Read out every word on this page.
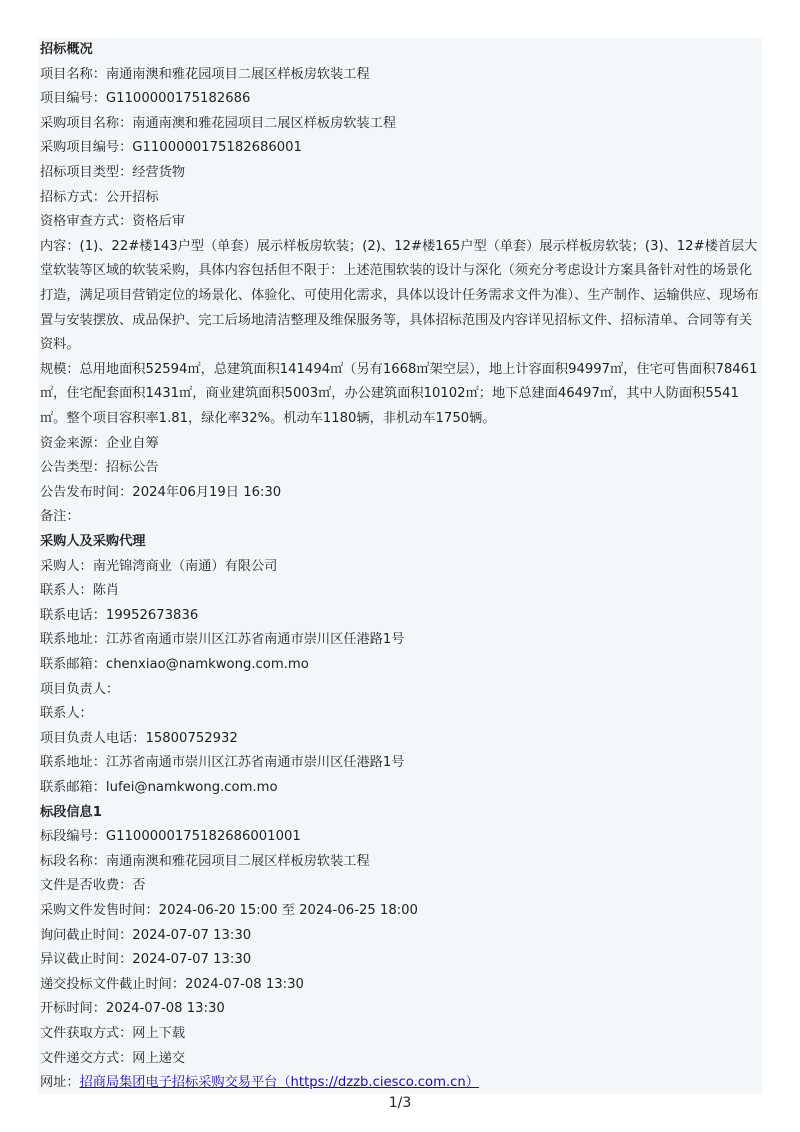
招标概况
项目名称：南通南澳和雅花园项目二展区样板房软装工程
项目编号：G1100000175182686
采购项目名称：南通南澳和雅花园项目二展区样板房软装工程
采购项目编号：G1100000175182686001
招标项目类型：经营货物
招标方式：公开招标
资格审查方式：资格后审
内容：(1)、22#楼143户型（单套）展示样板房软装；(2)、12#楼165户型（单套）展示样板房软装；(3)、12#楼首层大堂软装等区域的软装采购，具体内容包括但不限于：上述范围软装的设计与深化（须充分考虑设计方案具备针对性的场景化打造，满足项目营销定位的场景化、体验化、可使用化需求，具体以设计任务需求文件为准）、生产制作、运输供应、现场布置与安装摆放、成品保护、完工后场地清洁整理及维保服务等，具体招标范围及内容详见招标文件、招标清单、合同等有关资料。
规模：总用地面积52594㎡，总建筑面积141494㎡（另有1668㎡架空层），地上计容面积94997㎡，住宅可售面积78461㎡，住宅配套面积1431㎡，商业建筑面积5003㎡，办公建筑面积10102㎡；地下总建面46497㎡，其中人防面积5541㎡。整个项目容积率1.81，绿化率32%。机动车1180辆，非机动车1750辆。
资金来源：企业自筹
公告类型：招标公告
公告发布时间：2024年06月19日 16:30
备注：
采购人及采购代理
采购人：南光锦湾商业（南通）有限公司
联系人：陈肖
联系电话：19952673836
联系地址：江苏省南通市崇川区江苏省南通市崇川区任港路1号
联系邮箱：chenxiao@namkwong.com.mo
项目负责人：
联系人：
项目负责人电话：15800752932
联系地址：江苏省南通市崇川区江苏省南通市崇川区任港路1号
联系邮箱：lufei@namkwong.com.mo
标段信息1
标段编号：G1100000175182686001001
标段名称：南通南澳和雅花园项目二展区样板房软装工程
文件是否收费：否
采购文件发售时间：2024-06-20 15:00 至 2024-06-25 18:00
询问截止时间：2024-07-07 13:30
异议截止时间：2024-07-07 13:30
递交投标文件截止时间：2024-07-08 13:30
开标时间：2024-07-08 13:30
文件获取方式：网上下载
文件递交方式：网上递交
网址：招商局集团电子招标采购交易平台（https://dzzb.ciesco.com.cn）
1/3
